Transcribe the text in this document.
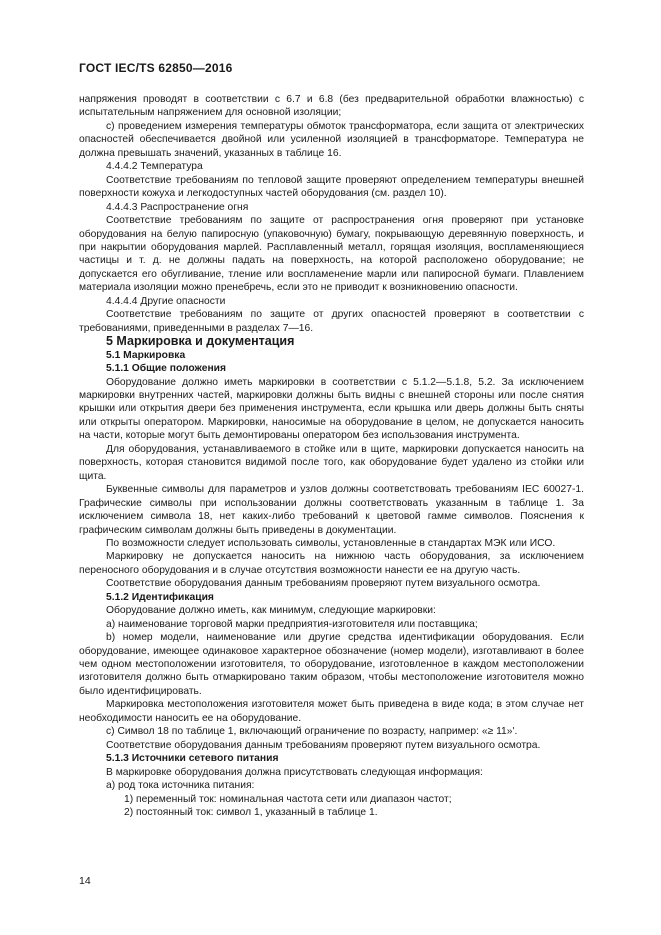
ГОСТ IEC/TS 62850—2016

напряжения проводят в соответствии с 6.7 и 6.8 (без предварительной обработки влажностью) с испытательным напряжением для основной изоляции;

с) проведением измерения температуры обмоток трансформатора, если защита от электрических опасностей обеспечивается двойной или усиленной изоляцией в трансформаторе. Температура не должна превышать значений, указанных в таблице 16.

4.4.4.2 Температура

Соответствие требованиям по тепловой защите проверяют определением температуры внешней поверхности кожуха и легкодоступных частей оборудования (см. раздел 10).

4.4.4.3 Распространение огня

Соответствие требованиям по защите от распространения огня проверяют при установке оборудования на белую папиросную (упаковочную) бумагу, покрывающую деревянную поверхность, и при накрытии оборудования марлей. Расплавленный металл, горящая изоляция, воспламеняющиеся частицы и т. д. не должны падать на поверхность, на которой расположено оборудование; не допускается его обугливание, тление или воспламенение марли или папиросной бумаги. Плавлением материала изоляции можно пренебречь, если это не приводит к возникновению опасности.

4.4.4.4 Другие опасности

Соответствие требованиям по защите от других опасностей проверяют в соответствии с требованиями, приведенными в разделах 7—16.

5 Маркировка и документация

5.1 Маркировка

5.1.1 Общие положения

Оборудование должно иметь маркировки в соответствии с 5.1.2—5.1.8, 5.2. За исключением маркировки внутренних частей, маркировки должны быть видны с внешней стороны или после снятия крышки или открытия двери без применения инструмента, если крышка или дверь должны быть сняты или открыты оператором. Маркировки, наносимые на оборудование в целом, не допускается наносить на части, которые могут быть демонтированы оператором без использования инструмента.

Для оборудования, устанавливаемого в стойке или в щите, маркировки допускается наносить на поверхность, которая становится видимой после того, как оборудование будет удалено из стойки или щита.

Буквенные символы для параметров и узлов должны соответствовать требованиям IEC 60027-1. Графические символы при использовании должны соответствовать указанным в таблице 1. За исключением символа 18, нет каких-либо требований к цветовой гамме символов. Пояснения к графическим символам должны быть приведены в документации.

По возможности следует использовать символы, установленные в стандартах МЭК или ИСО.

Маркировку не допускается наносить на нижнюю часть оборудования, за исключением переносного оборудования и в случае отсутствия возможности нанести ее на другую часть.

Соответствие оборудования данным требованиям проверяют путем визуального осмотра.

5.1.2 Идентификация

Оборудование должно иметь, как минимум, следующие маркировки:

а) наименование торговой марки предприятия-изготовителя или поставщика;

b) номер модели, наименование или другие средства идентификации оборудования. Если оборудование, имеющее одинаковое характерное обозначение (номер модели), изготавливают в более чем одном местоположении изготовителя, то оборудование, изготовленное в каждом местоположении изготовителя должно быть отмаркировано таким образом, чтобы местоположение изготовителя можно было идентифицировать.

Маркировка местоположения изготовителя может быть приведена в виде кода; в этом случае нет необходимости наносить ее на оборудование.

c) Символ 18 по таблице 1, включающий ограничение по возрасту, например: «≥ 11»'.

Соответствие оборудования данным требованиям проверяют путем визуального осмотра.

5.1.3 Источники сетевого питания

В маркировке оборудования должна присутствовать следующая информация:

а) род тока источника питания:

1) переменный ток: номинальная частота сети или диапазон частот;

2) постоянный ток: символ 1, указанный в таблице 1.

14
